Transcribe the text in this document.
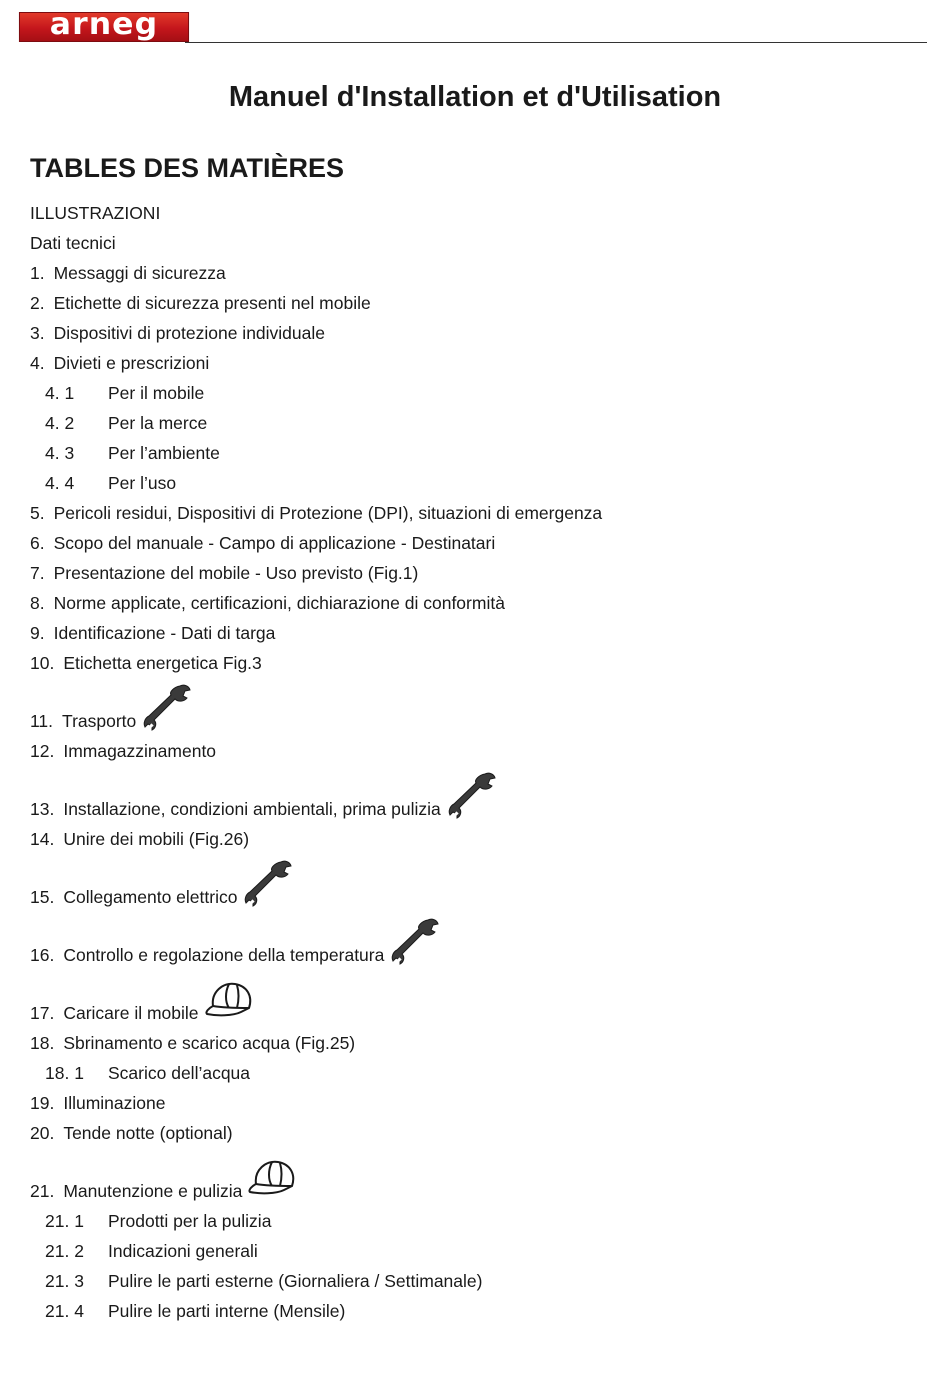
arneg
Manuel d'Installation et d'Utilisation
TABLES DES MATIÈRES
ILLUSTRAZIONI
Dati tecnici
1. Messaggi di sicurezza
2. Etichette di sicurezza presenti nel mobile
3. Dispositivi di protezione individuale
4. Divieti e prescrizioni
4. 1	Per il mobile
4. 2	Per la merce
4. 3	Per l’ambiente
4. 4	Per l’uso
5. Pericoli residui, Dispositivi di Protezione (DPI), situazioni di emergenza
6. Scopo del manuale - Campo di applicazione - Destinatari
7. Presentazione del mobile - Uso previsto (Fig.1)
8. Norme applicate, certificazioni, dichiarazione di conformità
9. Identificazione - Dati di targa
10. Etichetta energetica Fig.3
11. Trasporto
12. Immagazzinamento
13. Installazione, condizioni ambientali, prima pulizia
14. Unire dei mobili (Fig.26)
15. Collegamento elettrico
16. Controllo e regolazione della temperatura
17. Caricare il mobile
18. Sbrinamento e scarico acqua (Fig.25)
18. 1	Scarico dell’acqua
19. Illuminazione
20. Tende notte (optional)
21. Manutenzione e pulizia
21. 1	Prodotti per la pulizia
21. 2	Indicazioni generali
21. 3	Pulire le parti esterne (Giornaliera / Settimanale)
21. 4	Pulire le parti interne (Mensile)
